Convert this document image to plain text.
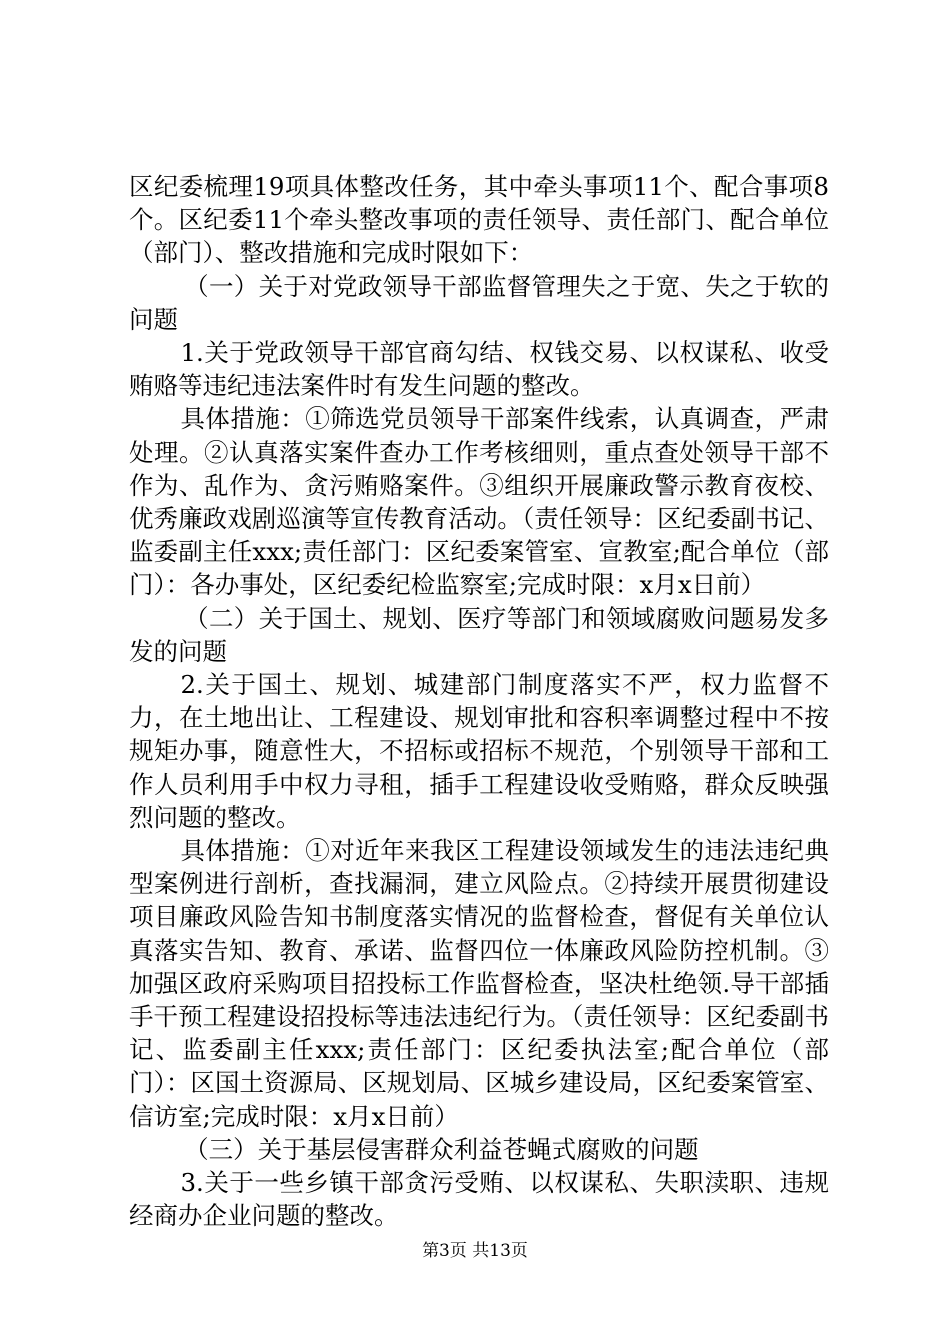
区纪委梳理19项具体整改任务，其中牵头事项11个、配合事项8个。区纪委11个牵头整改事项的责任领导、责任部门、配合单位（部门）、整改措施和完成时限如下：

（一）关于对党政领导干部监督管理失之于宽、失之于软的问题

1.关于党政领导干部官商勾结、权钱交易、以权谋私、收受贿赂等违纪违法案件时有发生问题的整改。

具体措施：①筛选党员领导干部案件线索，认真调查，严肃处理。②认真落实案件查办工作考核细则，重点查处领导干部不作为、乱作为、贪污贿赂案件。③组织开展廉政警示教育夜校、优秀廉政戏剧巡演等宣传教育活动。（责任领导：区纪委副书记、监委副主任xxx;责任部门：区纪委案管室、宣教室;配合单位（部门）：各办事处，区纪委纪检监察室;完成时限：x月x日前）

（二）关于国土、规划、医疗等部门和领域腐败问题易发多发的问题

2.关于国土、规划、城建部门制度落实不严，权力监督不力，在土地出让、工程建设、规划审批和容积率调整过程中不按规矩办事，随意性大，不招标或招标不规范，个别领导干部和工作人员利用手中权力寻租，插手工程建设收受贿赂，群众反映强烈问题的整改。

具体措施：①对近年来我区工程建设领域发生的违法违纪典型案例进行剖析，查找漏洞，建立风险点。②持续开展贯彻建设项目廉政风险告知书制度落实情况的监督检查，督促有关单位认真落实告知、教育、承诺、监督四位一体廉政风险防控机制。③加强区政府采购项目招投标工作监督检查，坚决杜绝领.导干部插手干预工程建设招投标等违法违纪行为。（责任领导：区纪委副书记、监委副主任xxx;责任部门：区纪委执法室;配合单位（部门）：区国土资源局、区规划局、区城乡建设局，区纪委案管室、信访室;完成时限：x月x日前）

（三）关于基层侵害群众利益苍蝇式腐败的问题

3.关于一些乡镇干部贪污受贿、以权谋私、失职渎职、违规经商办企业问题的整改。

第3页 共13页
